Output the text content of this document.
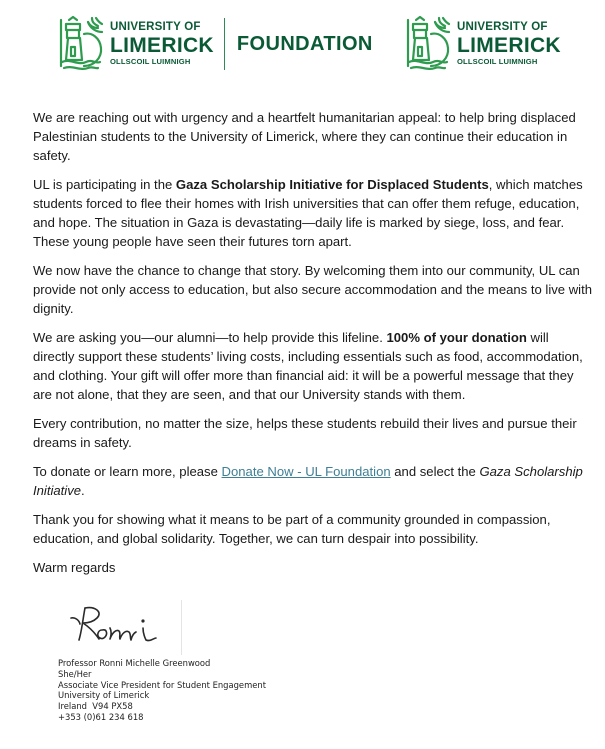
UNIVERSITY OF
LIMERICK
OLLSCOIL LUIMNIGH
FOUNDATION
UNIVERSITY OF
LIMERICK
OLLSCOIL LUIMNIGH

We are reaching out with urgency and a heartfelt humanitarian appeal: to help bring displaced Palestinian students to the University of Limerick, where they can continue their education in safety.

UL is participating in the Gaza Scholarship Initiative for Displaced Students, which matches students forced to flee their homes with Irish universities that can offer them refuge, education, and hope. The situation in Gaza is devastating—daily life is marked by siege, loss, and fear. These young people have seen their futures torn apart.

We now have the chance to change that story. By welcoming them into our community, UL can provide not only access to education, but also secure accommodation and the means to live with dignity.

We are asking you—our alumni—to help provide this lifeline. 100% of your donation will directly support these students’ living costs, including essentials such as food, accommodation, and clothing. Your gift will offer more than financial aid: it will be a powerful message that they are not alone, that they are seen, and that our University stands with them.

Every contribution, no matter the size, helps these students rebuild their lives and pursue their dreams in safety.

To donate or learn more, please Donate Now - UL Foundation and select the Gaza Scholarship Initiative.

Thank you for showing what it means to be part of a community grounded in compassion, education, and global solidarity. Together, we can turn despair into possibility.

Warm regards

Professor Ronni Michelle Greenwood
She/Her
Associate Vice President for Student Engagement
University of Limerick
Ireland  V94 PX58
+353 (0)61 234 618
